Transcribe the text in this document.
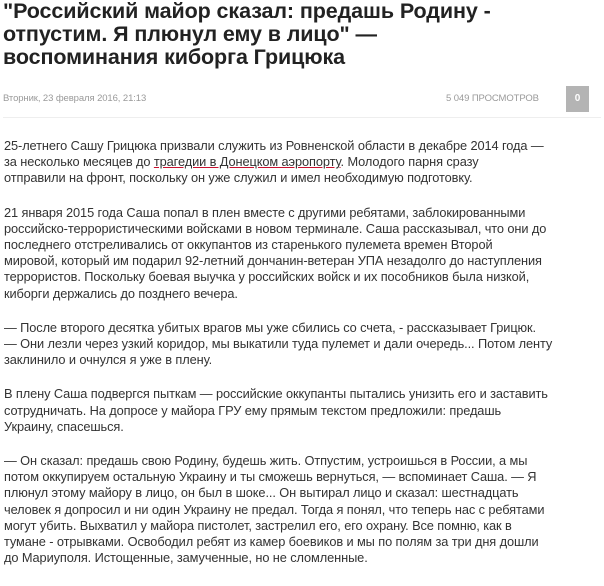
"Российский майор сказал: предашь Родину -
отпустим. Я плюнул ему в лицо" —
воспоминания киборга Грицюка
Вторник, 23 февраля 2016, 21:13	5 049 ПРОСМОТРОВ	0

25-летнего Сашу Грицюка призвали служить из Ровненской области в декабре 2014 года —
за несколько месяцев до трагедии в Донецком аэропорту. Молодого парня сразу
отправили на фронт, поскольку он уже служил и имел необходимую подготовку.

21 января 2015 года Саша попал в плен вместе с другими ребятами, заблокированными
российско-террористическими войсками в новом терминале. Саша рассказывал, что они до
последнего отстреливались от оккупантов из старенького пулемета времен Второй
мировой, который им подарил 92-летний дончанин-ветеран УПА незадолго до наступления
террористов. Поскольку боевая выучка у российских войск и их пособников была низкой,
киборги держались до позднего вечера.

— После второго десятка убитых врагов мы уже сбились со счета, - рассказывает Грицюк.
— Они лезли через узкий коридор, мы выкатили туда пулемет и дали очередь... Потом ленту
заклинило и очнулся я уже в плену.

В плену Саша подвергся пыткам — российские оккупанты пытались унизить его и заставить
сотрудничать. На допросе у майора ГРУ ему прямым текстом предложили: предашь
Украину, спасешься.

— Он сказал: предашь свою Родину, будешь жить. Отпустим, устроишься в России, а мы
потом оккупируем остальную Украину и ты сможешь вернуться, — вспоминает Саша. — Я
плюнул этому майору в лицо, он был в шоке... Он вытирал лицо и сказал: шестнадцать
человек я допросил и ни один Украину не предал. Тогда я понял, что теперь нас с ребятами
могут убить. Выхватил у майора пистолет, застрелил его, его охрану. Все помню, как в
тумане - отрывками. Освободил ребят из камер боевиков и мы по полям за три дня дошли
до Мариуполя. Истощенные, замученные, но не сломленные.
